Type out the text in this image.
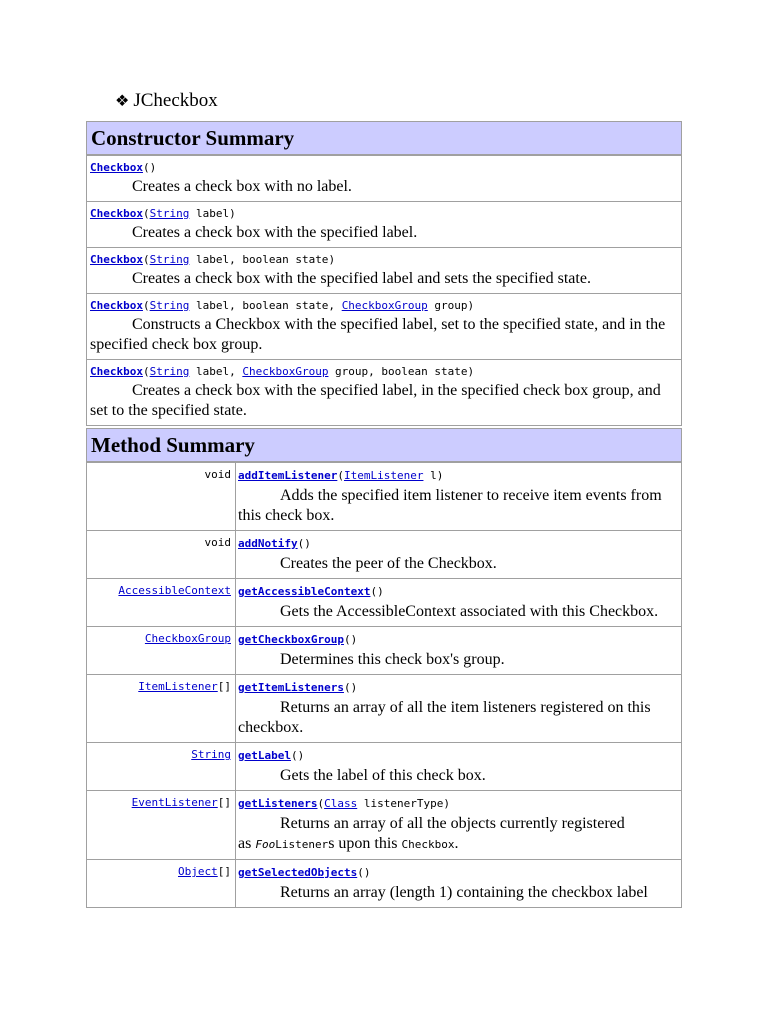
❖ JCheckbox
Constructor Summary

Checkbox()
Creates a check box with no label.

Checkbox(String label)
Creates a check box with the specified label.

Checkbox(String label, boolean state)
Creates a check box with the specified label and sets the specified state.

Checkbox(String label, boolean state, CheckboxGroup group)
Constructs a Checkbox with the specified label, set to the specified state, and in the specified check box group.

Checkbox(String label, CheckboxGroup group, boolean state)
Creates a check box with the specified label, in the specified check box group, and set to the specified state.
Method Summary	
void	addItemListener(ItemListener l)
Adds the specified item listener to receive item events from this check box.

void	addNotify()
Creates the peer of the Checkbox.

AccessibleContext	getAccessibleContext()
Gets the AccessibleContext associated with this Checkbox.

CheckboxGroup	getCheckboxGroup()
Determines this check box's group.

ItemListener[]	getItemListeners()
Returns an array of all the item listeners registered on this checkbox.

String	getLabel()
Gets the label of this check box.

EventListener[]	getListeners(Class listenerType)
Returns an array of all the objects currently registered
as FooListeners upon this Checkbox.

Object[]	getSelectedObjects()
Returns an array (length 1) containing the checkbox label
